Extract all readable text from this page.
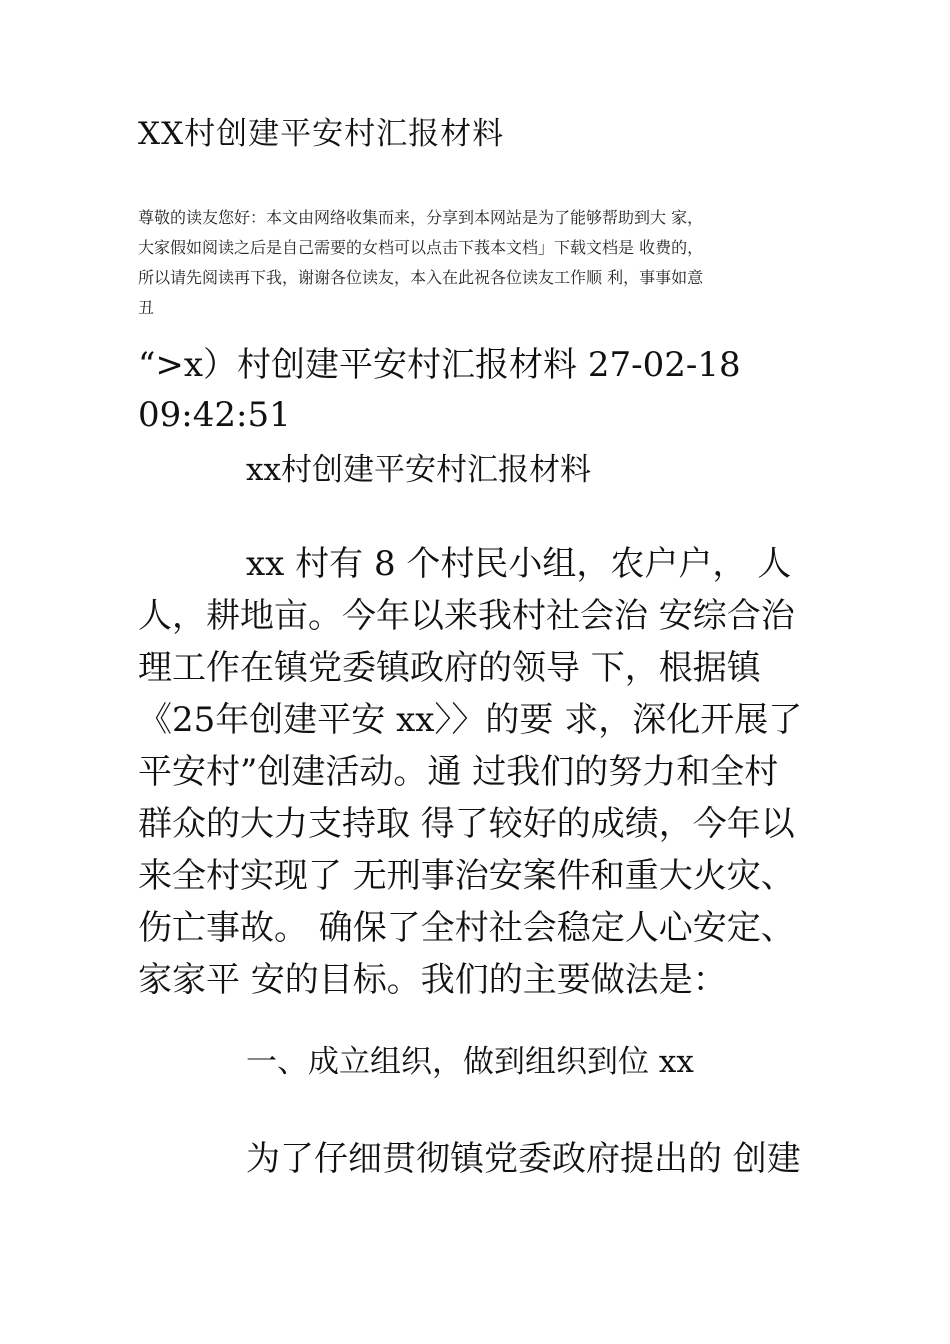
XX村创建平安村汇报材料
尊敬的读友您好：本文由网络收集而来，分享到本网站是为了能够帮助到大 家，
大家假如阅读之后是自己需要的女档可以点击下莪本文档」下载文档是 收费的，
所以请先阅读再下我，谢谢各位读友，本入在此祝各位读友工作顺 利，事事如意
丑
“>x）村创建平安村汇报材料 27-02-18
09:42:51
xx村创建平安村汇报材料
xx 村有 8 个村民小组，农户户， 人
人，耕地亩。今年以来我村社会治 安综合治
理工作在镇党委镇政府的领导 下，根据镇
《25年创建平安 xx〉〉的要 求，深化开展了
平安村”创建活动。通 过我们的努力和全村
群众的大力支持取 得了较好的成绩，今年以
来全村实现了 无刑事治安案件和重大火灾、
伤亡事故。 确保了全村社会稳定人心安定、
家家平 安的目标。我们的主要做法是：
一、成立组织，做到组织到位 xx
为了仔细贯彻镇党委政府提出的 创建
